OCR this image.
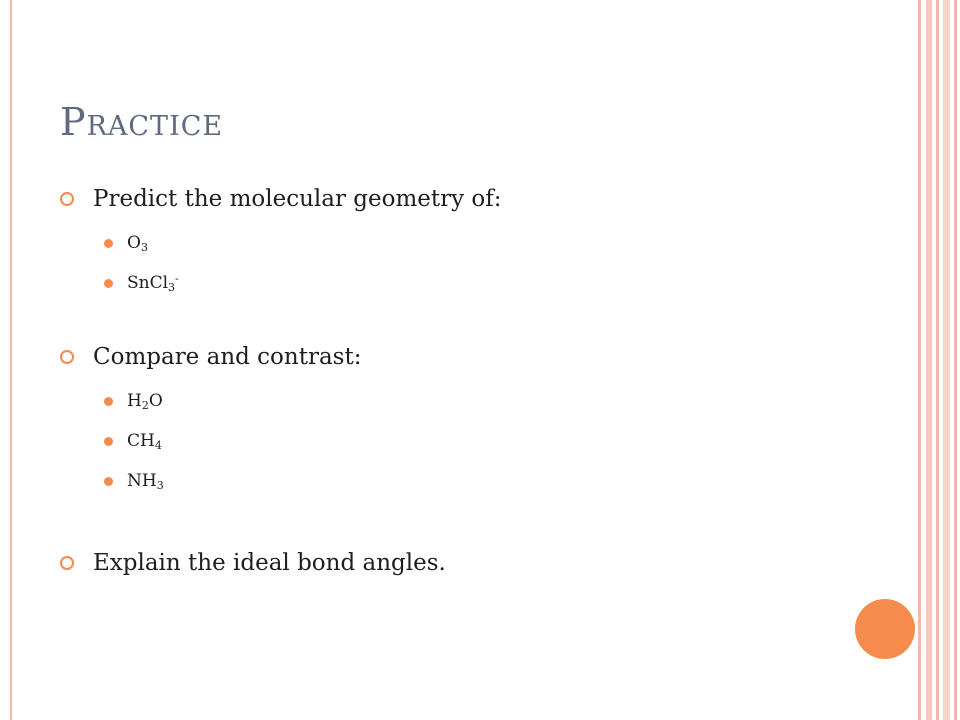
Practice
Predict the molecular geometry of:
$O_3$
SnCl$_3$-
Compare and contrast:
$H_2O$
$CH_4$
$NH_3$
Explain the ideal bond angles.
